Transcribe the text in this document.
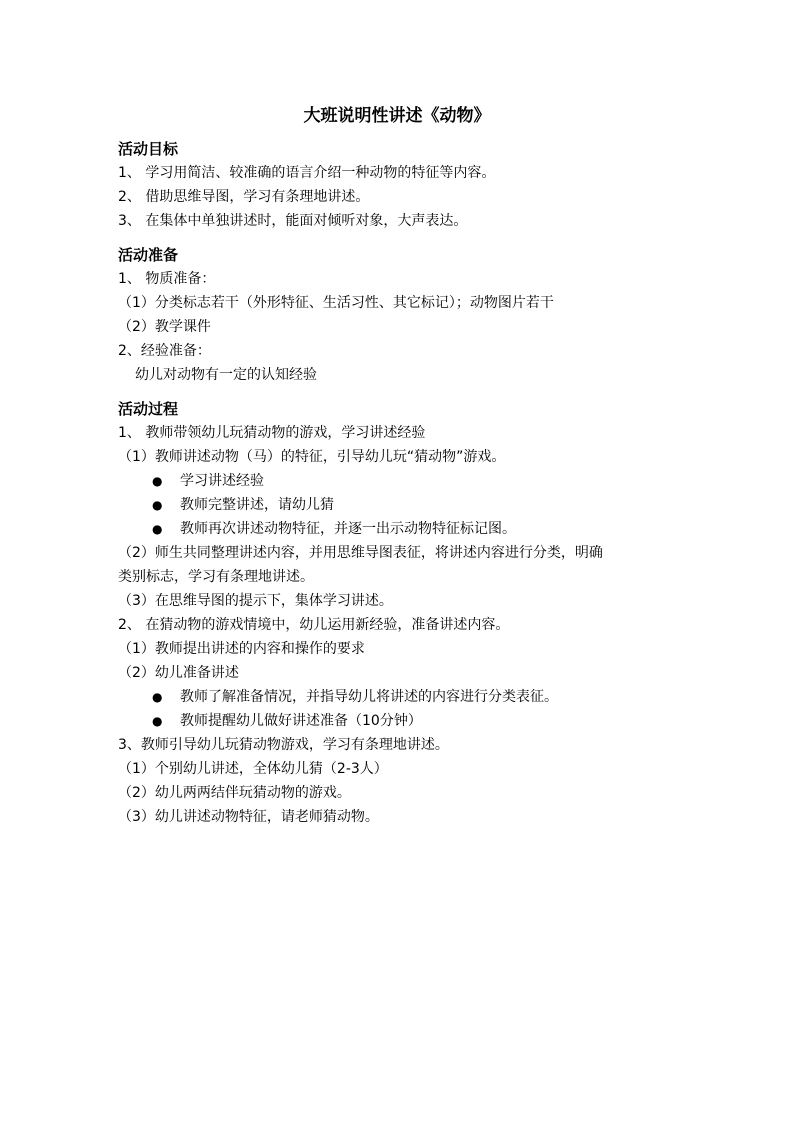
大班说明性讲述《动物》
活动目标
1、 学习用简洁、较准确的语言介绍一种动物的特征等内容。
2、 借助思维导图，学习有条理地讲述。
3、 在集体中单独讲述时，能面对倾听对象，大声表达。
活动准备
1、 物质准备：
（1）分类标志若干（外形特征、生活习性、其它标记）；动物图片若干
（2）教学课件
2、经验准备：
幼儿对动物有一定的认知经验
活动过程
1、 教师带领幼儿玩猜动物的游戏，学习讲述经验
（1）教师讲述动物（马）的特征，引导幼儿玩“猜动物”游戏。
● 学习讲述经验
● 教师完整讲述，请幼儿猜
● 教师再次讲述动物特征，并逐一出示动物特征标记图。
（2）师生共同整理讲述内容，并用思维导图表征，将讲述内容进行分类，明确
类别标志，学习有条理地讲述。
（3）在思维导图的提示下，集体学习讲述。
2、 在猜动物的游戏情境中，幼儿运用新经验，准备讲述内容。
（1）教师提出讲述的内容和操作的要求
（2）幼儿准备讲述
● 教师了解准备情况，并指导幼儿将讲述的内容进行分类表征。
● 教师提醒幼儿做好讲述准备（10分钟）
3、教师引导幼儿玩猜动物游戏，学习有条理地讲述。
（1）个别幼儿讲述，全体幼儿猜（2-3人）
（2）幼儿两两结伴玩猜动物的游戏。
（3）幼儿讲述动物特征，请老师猜动物。
